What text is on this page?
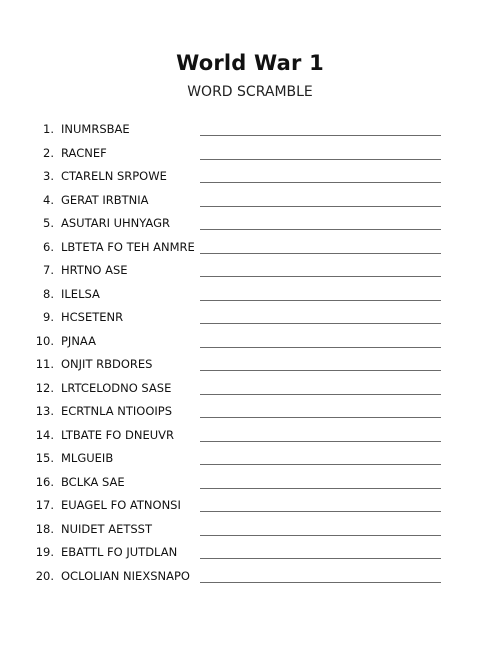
World War 1
WORD SCRAMBLE
1. INUMRSBAE
2. RACNEF
3. CTARELN SRPOWE
4. GERAT IRBTNIA
5. ASUTARI UHNYAGR
6. LBTETA FO TEH ANMRE
7. HRTNO ASE
8. ILELSA
9. HCSETENR
10. PJNAA
11. ONJIT RBDORES
12. LRTCELODNO SASE
13. ECRTNLA NTIOOIPS
14. LTBATE FO DNEUVR
15. MLGUEIB
16. BCLKA SAE
17. EUAGEL FO ATNONSI
18. NUIDET AETSST
19. EBATTL FO JUTDLAN
20. OCLOLIAN NIEXSNAPO
